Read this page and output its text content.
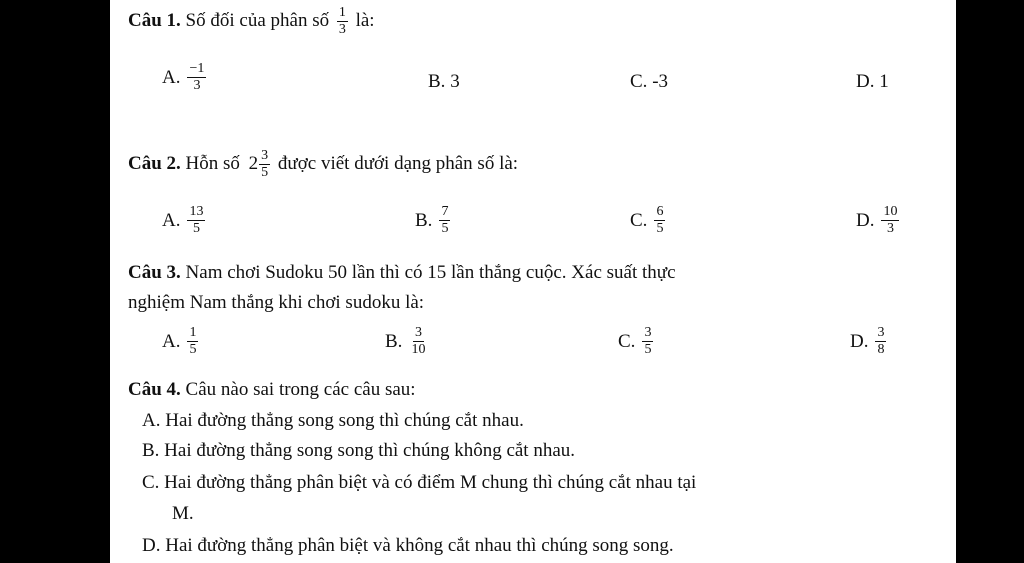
Câu 1. Số đối của phân số $\frac{1}{3}$ là:
A. $\frac{-1}{3}$	B. 3	C. -3	D. 1
Câu 2. Hỗn số $2 \frac{3}{5}$ được viết dưới dạng phân số là:
A. $\frac{13}{5}$	B. $\frac{7}{5}$	C. $\frac{6}{5}$	D. $\frac{10}{3}$
Câu 3. Nam chơi Sudoku 50 lần thì có 15 lần thắng cuộc. Xác suất thực
nghiệm Nam thắng khi chơi sudoku là:
A. $\frac{1}{5}$	B. $\frac{3}{10}$	C. $\frac{3}{5}$	D. $\frac{3}{8}$
Câu 4. Câu nào sai trong các câu sau:
A. Hai đường thẳng song song thì chúng cắt nhau.
B. Hai đường thẳng song song thì chúng không cắt nhau.
C. Hai đường thẳng phân biệt và có điểm M chung thì chúng cắt nhau tại
M.
D. Hai đường thẳng phân biệt và không cắt nhau thì chúng song song.
